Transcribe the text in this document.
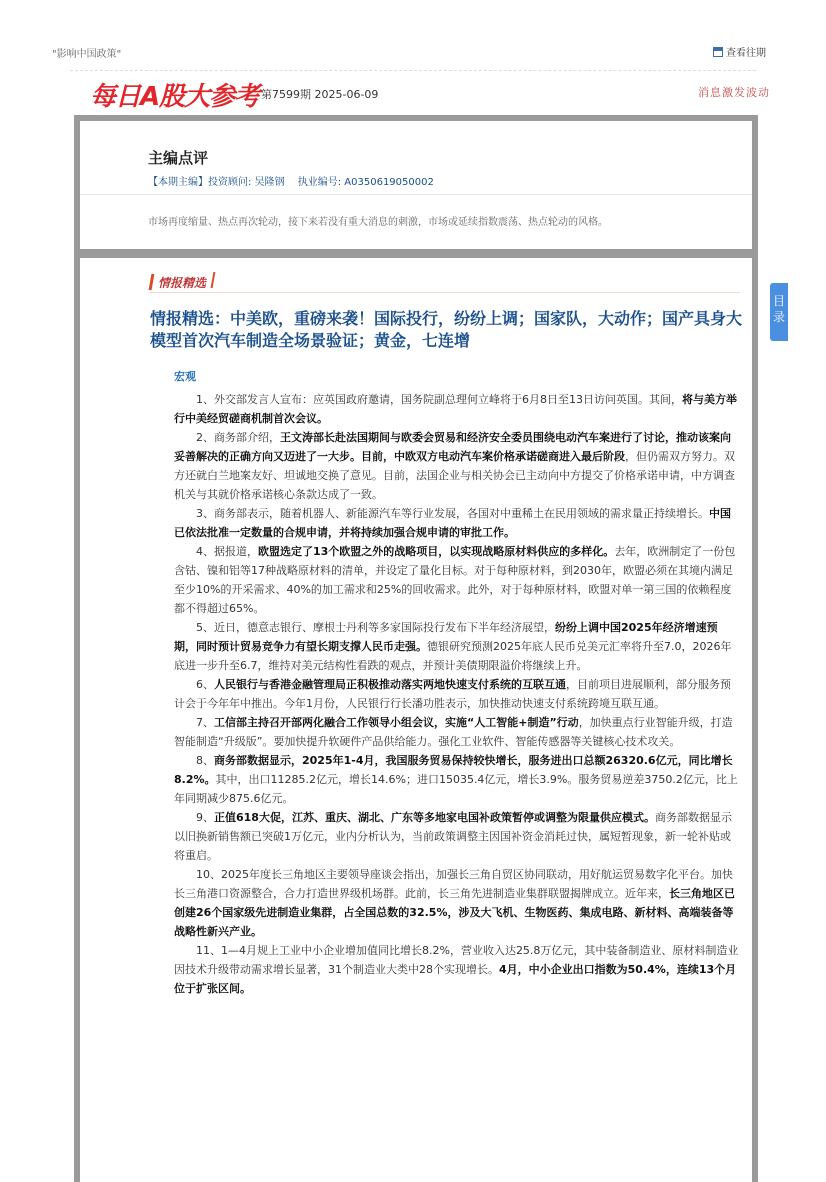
"影响中国政策"	查看往期
每日A股大参考 第7599期 2025-06-09	消息激发波动
主编点评
【本期主编】投资顾问: 吴隆钢 执业编号: A0350619050002
市场再度缩量、热点再次轮动，接下来若没有重大消息的刺激，市场或延续指数震荡、热点轮动的风格。
情报精选
情报精选：中美欧，重磅来袭！国际投行，纷纷上调；国家队，大动作；国产具身大模型首次汽车制造全场景验证；黄金，七连增
宏观

1、外交部发言人宣布：应英国政府邀请，国务院副总理何立峰将于6月8日至13日访问英国。其间，将与美方举行中美经贸磋商机制首次会议。

2、商务部介绍，王文涛部长赴法国期间与欧委会贸易和经济安全委员围绕电动汽车案进行了讨论，推动该案向妥善解决的正确方向又迈进了一大步。目前，中欧双方电动汽车案价格承诺磋商进入最后阶段，但仍需双方努力。双方还就白兰地案友好、坦诚地交换了意见。目前，法国企业与相关协会已主动向中方提交了价格承诺申请，中方调查机关与其就价格承诺核心条款达成了一致。

3、商务部表示，随着机器人、新能源汽车等行业发展，各国对中重稀土在民用领域的需求量正持续增长。中国已依法批准一定数量的合规申请，并将持续加强合规申请的审批工作。

4、据报道，欧盟选定了13个欧盟之外的战略项目，以实现战略原材料供应的多样化。去年，欧洲制定了一份包含钴、镍和铝等17种战略原材料的清单，并设定了量化目标。对于每种原材料，到2030年，欧盟必须在其境内满足至少10%的开采需求、40%的加工需求和25%的回收需求。此外，对于每种原材料，欧盟对单一第三国的依赖程度都不得超过65%。

5、近日，德意志银行、摩根士丹利等多家国际投行发布下半年经济展望，纷纷上调中国2025年经济增速预期，同时预计贸易竞争力有望长期支撑人民币走强。德银研究预测2025年底人民币兑美元汇率将升至7.0，2026年底进一步升至6.7，维持对美元结构性看跌的观点，并预计美债期限溢价将继续上升。

6、人民银行与香港金融管理局正积极推动落实两地快速支付系统的互联互通，目前项目进展顺利，部分服务预计会于今年年中推出。今年1月份，人民银行行长潘功胜表示，加快推动快速支付系统跨境互联互通。

7、工信部主持召开部两化融合工作领导小组会议，实施“人工智能+制造”行动，加快重点行业智能升级，打造智能制造“升级版”。要加快提升软硬件产品供给能力。强化工业软件、智能传感器等关键核心技术攻关。

8、商务部数据显示，2025年1-4月，我国服务贸易保持较快增长，服务进出口总额26320.6亿元，同比增长8.2%。其中，出口11285.2亿元，增长14.6%；进口15035.4亿元，增长3.9%。服务贸易逆差3750.2亿元，比上年同期减少875.6亿元。

9、正值618大促，江苏、重庆、湖北、广东等多地家电国补政策暂停或调整为限量供应模式。商务部数据显示以旧换新销售额已突破1万亿元，业内分析认为，当前政策调整主因国补资金消耗过快，属短暂现象，新一轮补贴或将重启。

10、2025年度长三角地区主要领导座谈会指出，加强长三角自贸区协同联动，用好航运贸易数字化平台。加快长三角港口资源整合，合力打造世界级机场群。此前，长三角先进制造业集群联盟揭牌成立。近年来，长三角地区已创建26个国家级先进制造业集群，占全国总数的32.5%，涉及大飞机、生物医药、集成电路、新材料、高端装备等战略性新兴产业。

11、1—4月规上工业中小企业增加值同比增长8.2%，营业收入达25.8万亿元，其中装备制造业、原材料制造业因技术升级带动需求增长显著，31个制造业大类中28个实现增长。4月，中小企业出口指数为50.4%，连续13个月位于扩张区间。

目录
